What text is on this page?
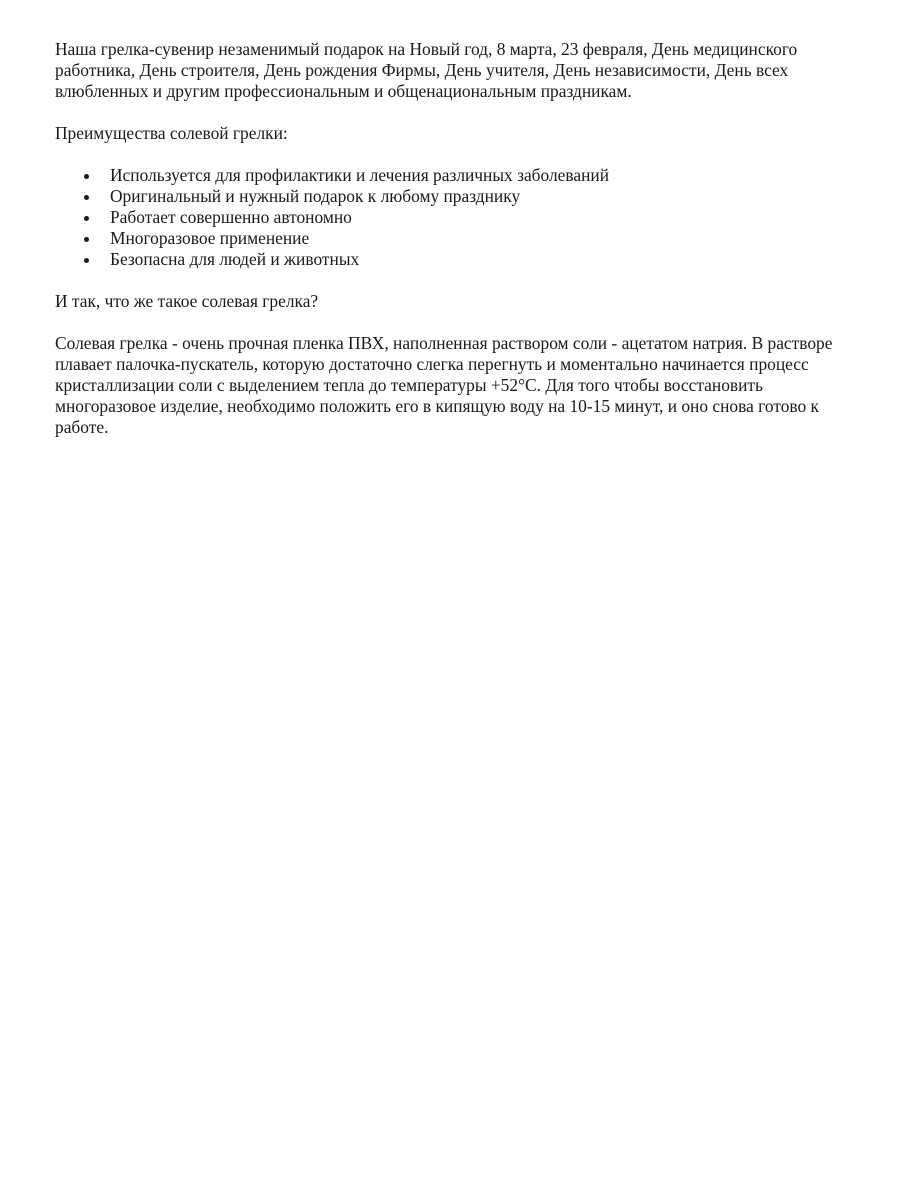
Наша грелка-сувенир незаменимый подарок на Новый год, 8 марта, 23 февраля, День медицинского работника, День строителя, День рождения Фирмы, День учителя, День независимости, День всех влюбленных и другим профессиональным и общенациональным праздникам.

Преимущества солевой грелки:

Используется для профилактики и лечения различных заболеваний
Оригинальный и нужный подарок к любому празднику
Работает совершенно автономно
Многоразовое применение
Безопасна для людей и животных

И так, что же такое солевая грелка?

Солевая грелка - очень прочная пленка ПВХ, наполненная раствором соли - ацетатом натрия. В растворе плавает палочка-пускатель, которую достаточно слегка перегнуть и моментально начинается процесс кристаллизации соли с выделением тепла до температуры +52°C. Для того чтобы восстановить многоразовое изделие, необходимо положить его в кипящую воду на 10-15 минут, и оно снова готово к работе.
